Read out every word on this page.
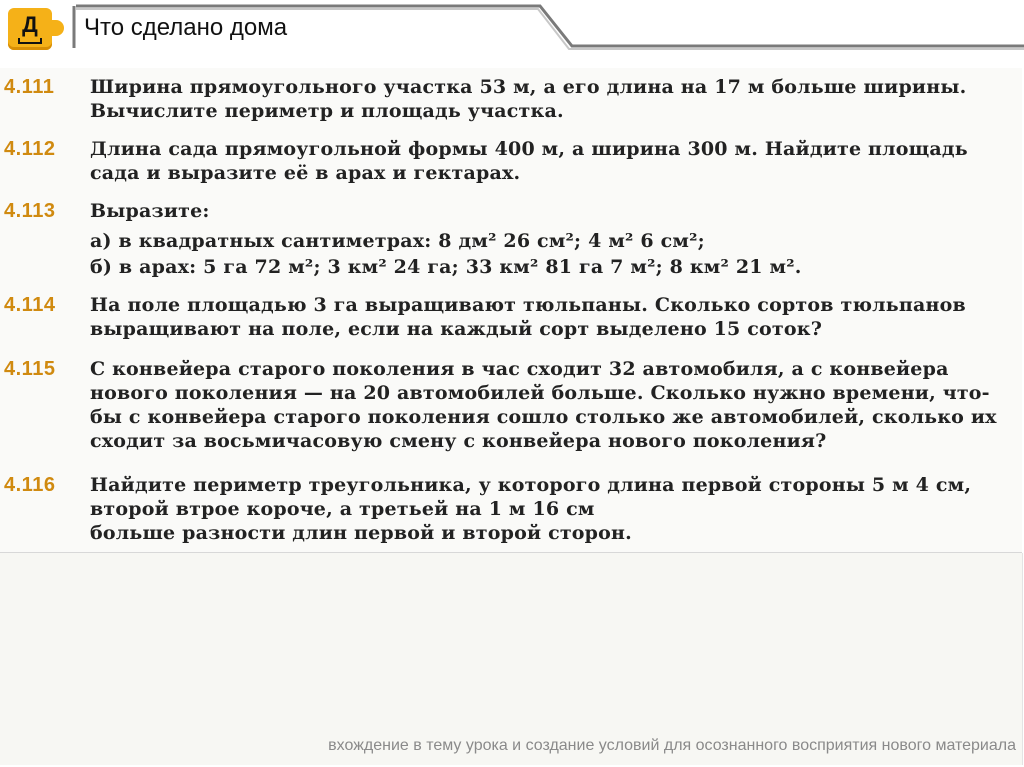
Д	Что сделано дома
4.111 Ширина прямоугольного участка 53 м, а его длина на 17 м больше ширины.
Вычислите периметр и площадь участка.
4.112 Длина сада прямоугольной формы 400 м, а ширина 300 м. Найдите площадь
сада и выразите её в арах и гектарах.
4.113 Выразите:
а) в квадратных сантиметрах: 8 дм² 26 см²; 4 м² 6 см²;
б) в арах: 5 га 72 м²; 3 км² 24 га; 33 км² 81 га 7 м²; 8 км² 21 м².
4.114 На поле площадью 3 га выращивают тюльпаны. Сколько сортов тюльпанов
выращивают на поле, если на каждый сорт выделено 15 соток?
4.115 С конвейера старого поколения в час сходит 32 автомобиля, а с конвейера
нового поколения — на 20 автомобилей больше. Сколько нужно времени, что-
бы с конвейера старого поколения сошло столько же автомобилей, сколько их
сходит за восьмичасовую смену с конвейера нового поколения?
4.116 Найдите периметр треугольника, у которого длина первой стороны 5 м 4 см,
второй втрое короче, а третьей на 1 м 16 см
больше разности длин первой и второй сторон.
вхождение в тему урока и создание условий для осознанного восприятия нового материала
